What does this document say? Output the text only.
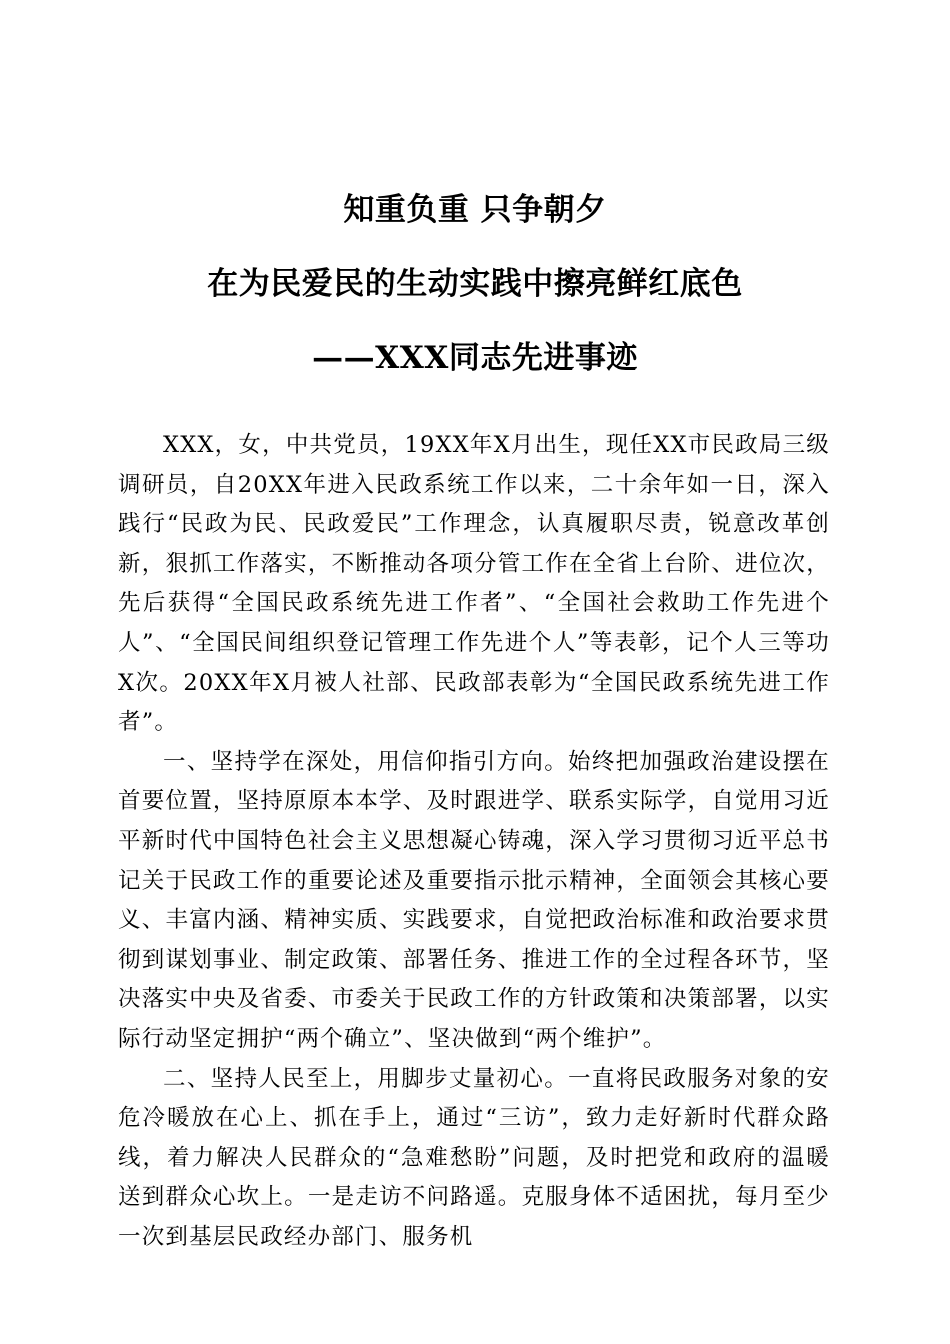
知重负重 只争朝夕
在为民爱民的生动实践中擦亮鲜红底色
——XXX同志先进事迹

XXX，女，中共党员，19XX年X月出生，现任XX市民政局三级调研员，自20XX年进入民政系统工作以来，二十余年如一日，深入践行“民政为民、民政爱民”工作理念，认真履职尽责，锐意改革创新，狠抓工作落实，不断推动各项分管工作在全省上台阶、进位次，先后获得“全国民政系统先进工作者”、“全国社会救助工作先进个人”、“全国民间组织登记管理工作先进个人”等表彰，记个人三等功X次。20XX年X月被人社部、民政部表彰为“全国民政系统先进工作者”。

一、坚持学在深处，用信仰指引方向。始终把加强政治建设摆在首要位置，坚持原原本本学、及时跟进学、联系实际学，自觉用习近平新时代中国特色社会主义思想凝心铸魂，深入学习贯彻习近平总书记关于民政工作的重要论述及重要指示批示精神，全面领会其核心要义、丰富内涵、精神实质、实践要求，自觉把政治标准和政治要求贯彻到谋划事业、制定政策、部署任务、推进工作的全过程各环节，坚决落实中央及省委、市委关于民政工作的方针政策和决策部署，以实际行动坚定拥护“两个确立”、坚决做到“两个维护”。

二、坚持人民至上，用脚步丈量初心。一直将民政服务对象的安危冷暖放在心上、抓在手上，通过“三访”，致力走好新时代群众路线，着力解决人民群众的“急难愁盼”问题，及时把党和政府的温暖送到群众心坎上。一是走访不问路遥。克服身体不适困扰，每月至少一次到基层民政经办部门、服务机
